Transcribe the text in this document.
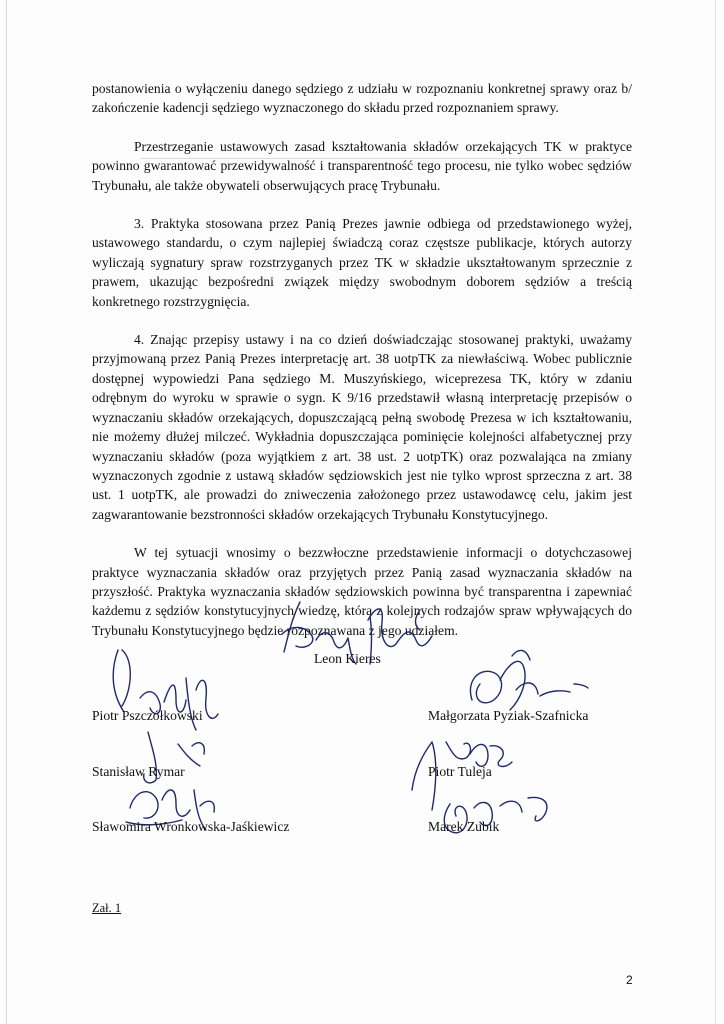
postanowienia o wyłączeniu danego sędziego z udziału w rozpoznaniu konkretnej sprawy oraz b/ zakończenie kadencji sędziego wyznaczonego do składu przed rozpoznaniem sprawy.

Przestrzeganie ustawowych zasad kształtowania składów orzekających TK w praktyce powinno gwarantować przewidywalność i transparentność tego procesu, nie tylko wobec sędziów Trybunału, ale także obywateli obserwujących pracę Trybunału.

3. Praktyka stosowana przez Panią Prezes jawnie odbiega od przedstawionego wyżej, ustawowego standardu, o czym najlepiej świadczą coraz częstsze publikacje, których autorzy wyliczają sygnatury spraw rozstrzyganych przez TK w składzie ukształtowanym sprzecznie z prawem, ukazując bezpośredni związek między swobodnym doborem sędziów a treścią konkretnego rozstrzygnięcia.

4. Znając przepisy ustawy i na co dzień doświadczając stosowanej praktyki, uważamy przyjmowaną przez Panią Prezes interpretację art. 38 uotpTK za niewłaściwą. Wobec publicznie dostępnej wypowiedzi Pana sędziego M. Muszyńskiego, wiceprezesa TK, który w zdaniu odrębnym do wyroku w sprawie o sygn. K 9/16 przedstawił własną interpretację przepisów o wyznaczaniu składów orzekających, dopuszczającą pełną swobodę Prezesa w ich kształtowaniu, nie możemy dłużej milczeć. Wykładnia dopuszczająca pominięcie kolejności alfabetycznej przy wyznaczaniu składów (poza wyjątkiem z art. 38 ust. 2 uotpTK) oraz pozwalająca na zmiany wyznaczonych zgodnie z ustawą składów sędziowskich jest nie tylko wprost sprzeczna z art. 38 ust. 1 uotpTK, ale prowadzi do zniweczenia założonego przez ustawodawcę celu, jakim jest zagwarantowanie bezstronności składów orzekających Trybunału Konstytucyjnego.

W tej sytuacji wnosimy o bezzwłoczne przedstawienie informacji o dotychczasowej praktyce wyznaczania składów oraz przyjętych przez Panią zasad wyznaczania składów na przyszłość. Praktyka wyznaczania składów sędziowskich powinna być transparentna i zapewniać każdemu z sędziów konstytucyjnych wiedzę, która z kolejnych rodzajów spraw wpływających do Trybunału Konstytucyjnego będzie rozpoznawana z jego udziałem.

Leon Kieres
Piotr Pszczółkowski	Małgorzata Pyziak-Szafnicka
Stanisław Rymar	Piotr Tuleja
Sławomira Wronkowska-Jaśkiewicz	Marek Zubik
Zał. 1
2
